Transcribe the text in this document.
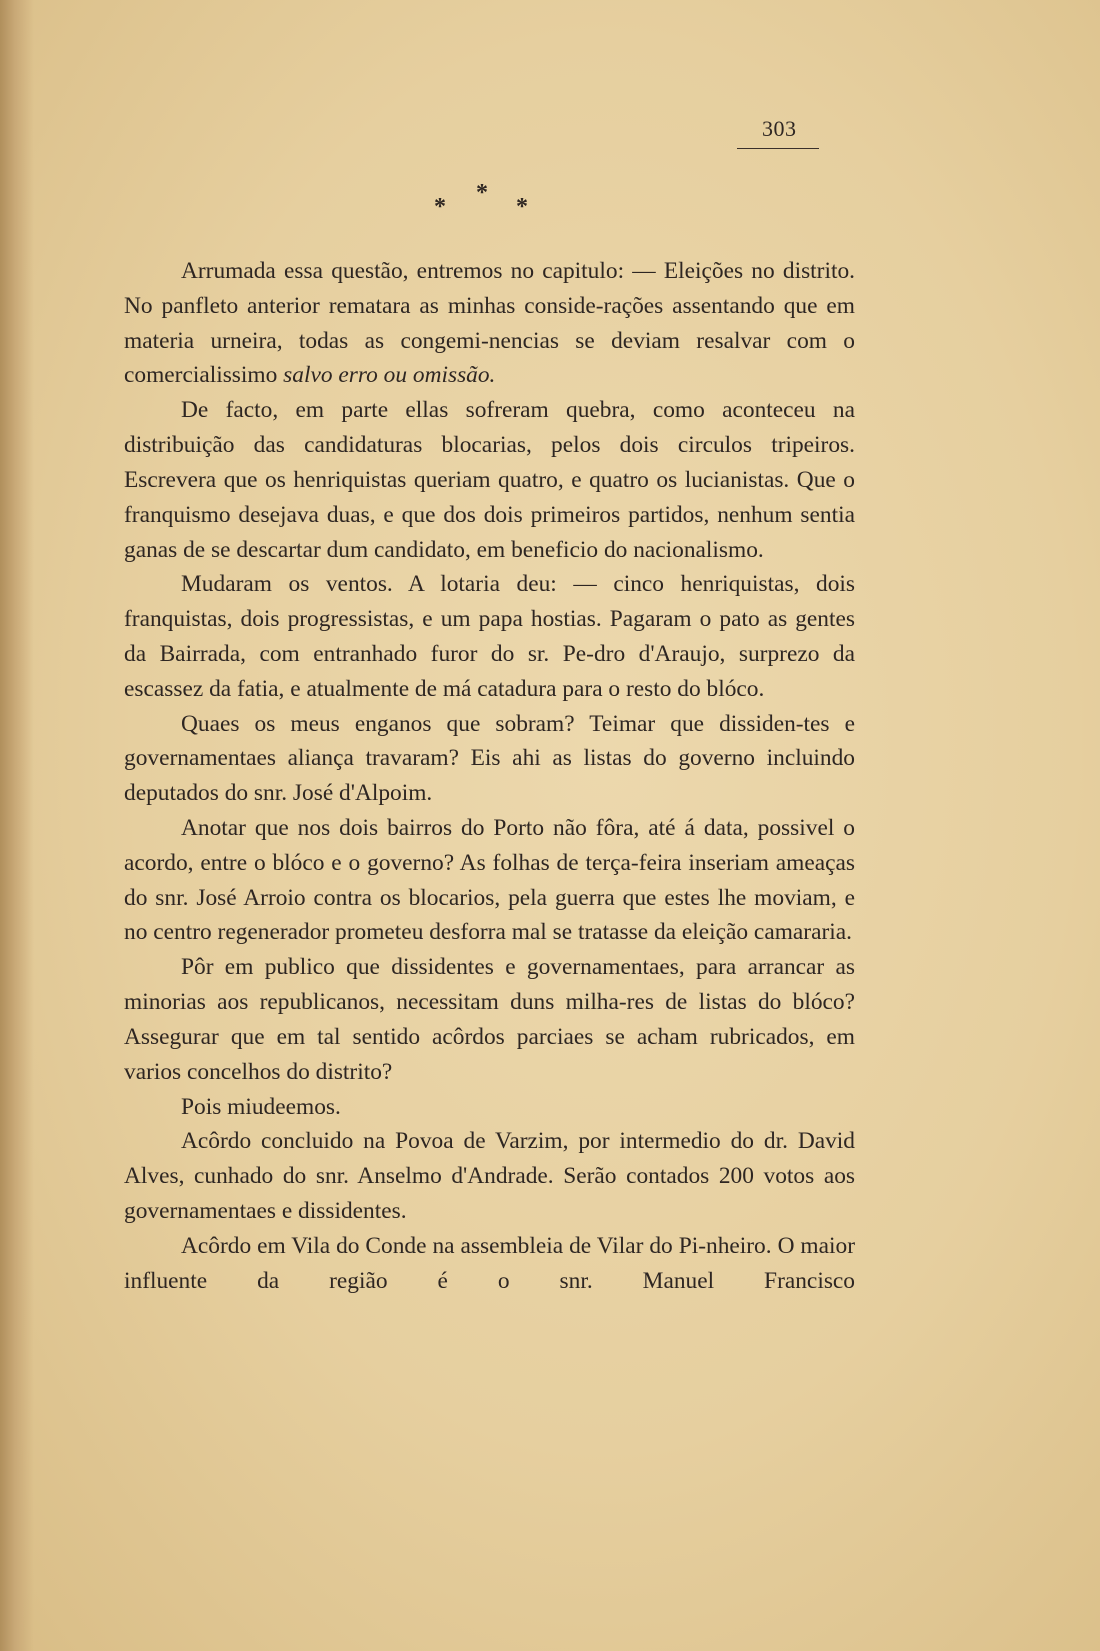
303
*
*	*

Arrumada essa questão, entremos no capitulo: — Eleições no distrito. No panfleto anterior rematara as minhas conside-rações assentando que em materia urneira, todas as congemi-nencias se deviam resalvar com o comercialissimo salvo erro ou omissão.

De facto, em parte ellas sofreram quebra, como aconteceu na distribuição das candidaturas blocarias, pelos dois circulos tripeiros. Escrevera que os henriquistas queriam quatro, e quatro os lucianistas. Que o franquismo desejava duas, e que dos dois primeiros partidos, nenhum sentia ganas de se descartar dum candidato, em beneficio do nacionalismo.

Mudaram os ventos. A lotaria deu: — cinco henriquistas, dois franquistas, dois progressistas, e um papa hostias. Pagaram o pato as gentes da Bairrada, com entranhado furor do sr. Pe-dro d'Araujo, surprezo da escassez da fatia, e atualmente de má catadura para o resto do blóco.

Quaes os meus enganos que sobram? Teimar que dissiden-tes e governamentaes aliança travaram? Eis ahi as listas do governo incluindo deputados do snr. José d'Alpoim.

Anotar que nos dois bairros do Porto não fôra, até á data, possivel o acordo, entre o blóco e o governo? As folhas de terça-feira inseriam ameaças do snr. José Arroio contra os blocarios, pela guerra que estes lhe moviam, e no centro regenerador prometeu desforra mal se tratasse da eleição camararia.

Pôr em publico que dissidentes e governamentaes, para arrancar as minorias aos republicanos, necessitam duns milha-res de listas do blóco? Assegurar que em tal sentido acôrdos parciaes se acham rubricados, em varios concelhos do distrito?

Pois miudeemos.

Acôrdo concluido na Povoa de Varzim, por intermedio do dr. David Alves, cunhado do snr. Anselmo d'Andrade. Serão contados 200 votos aos governamentaes e dissidentes.

Acôrdo em Vila do Conde na assembleia de Vilar do Pi-nheiro. O maior influente da região é o snr. Manuel Francisco
